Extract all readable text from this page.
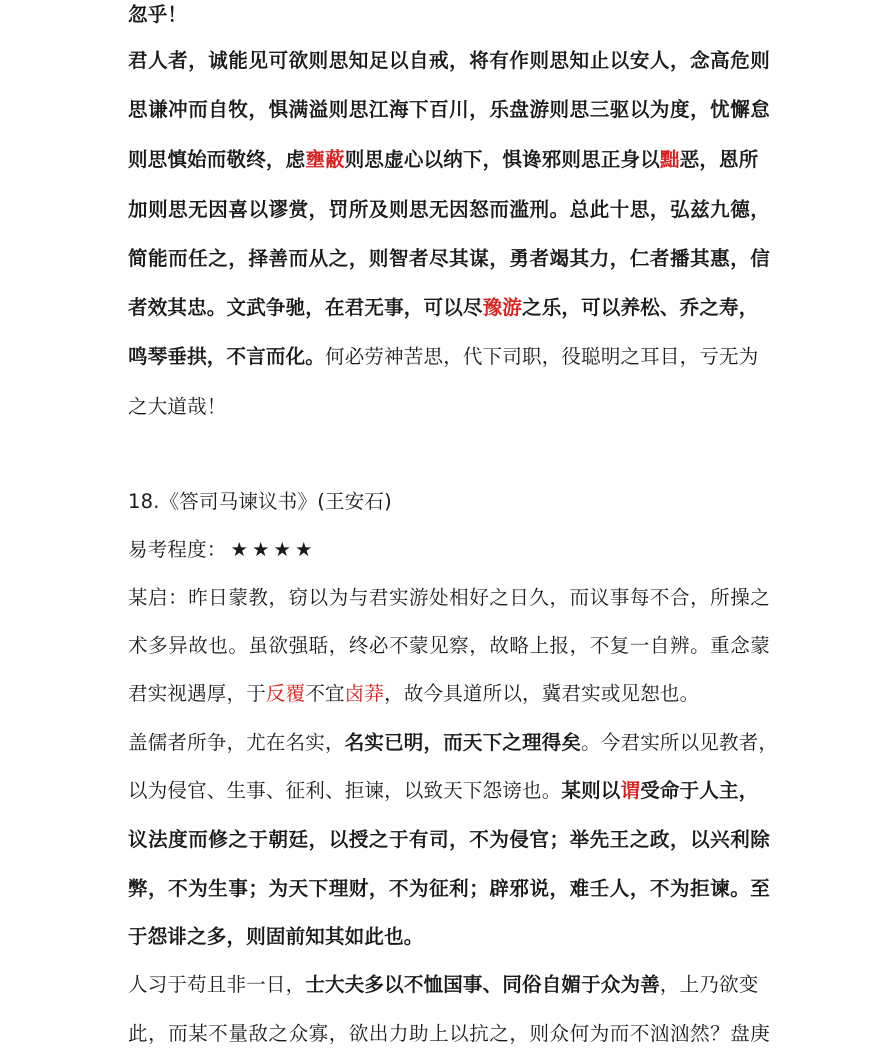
忽乎！

君人者，诚能见可欲则思知足以自戒，将有作则思知止以安人，念高危则

思谦冲而自牧，惧满溢则思江海下百川，乐盘游则思三驱以为度，忧懈怠

则思慎始而敬终，虑壅蔽则思虚心以纳下，惧谗邪则思正身以黜恶，恩所

加则思无因喜以谬赏，罚所及则思无因怒而滥刑。总此十思，弘兹九德，

简能而任之，择善而从之，则智者尽其谋，勇者竭其力，仁者播其惠，信

者效其忠。文武争驰，在君无事，可以尽豫游之乐，可以养松、乔之寿，

鸣琴垂拱，不言而化。何必劳神苦思，代下司职，役聪明之耳目，亏无为

之大道哉！

18.《答司马谏议书》(王安石)

易考程度： ★★★★

某启：昨日蒙教，窃以为与君实游处相好之日久，而议事每不合，所操之

术多异故也。虽欲强聒，终必不蒙见察，故略上报，不复一自辨。重念蒙

君实视遇厚，于反覆不宜卤莽，故今具道所以，冀君实或见恕也。

盖儒者所争，尤在名实，名实已明，而天下之理得矣。今君实所以见教者，

以为侵官、生事、征利、拒谏，以致天下怨谤也。某则以谓受命于人主，

议法度而修之于朝廷，以授之于有司，不为侵官；举先王之政，以兴利除

弊，不为生事；为天下理财，不为征利；辟邪说，难壬人，不为拒谏。至

于怨诽之多，则固前知其如此也。

人习于苟且非一日，士大夫多以不恤国事、同俗自媚于众为善，上乃欲变

此，而某不量敌之众寡，欲出力助上以抗之，则众何为而不汹汹然？盘庚
